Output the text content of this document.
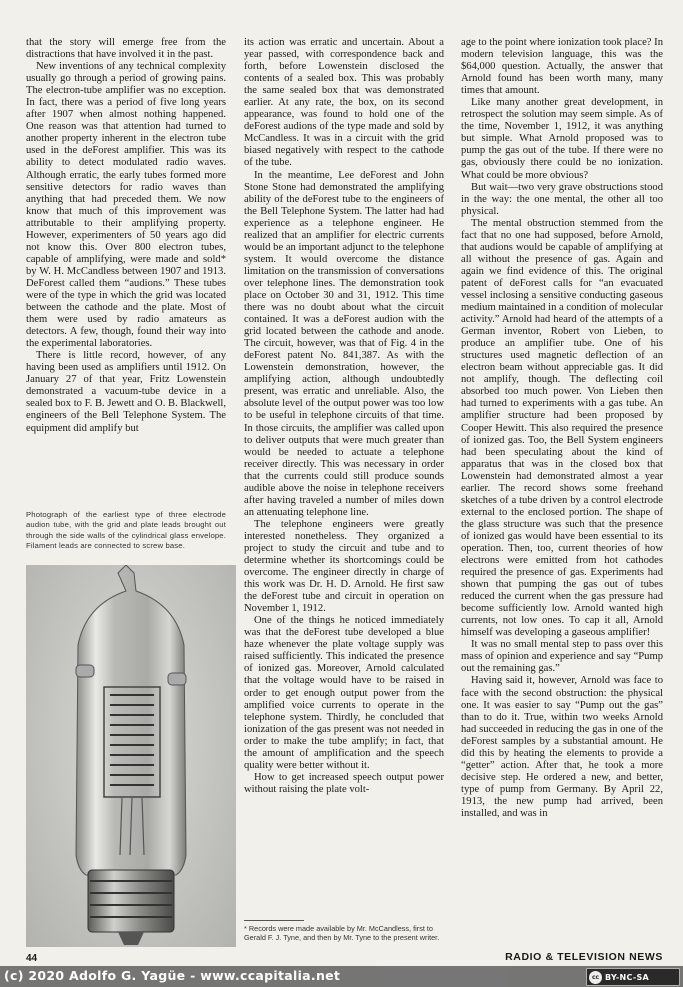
that the story will emerge free from the distractions that have involved it in the past.

New inventions of any technical complexity usually go through a period of growing pains. The electron-tube amplifier was no exception. In fact, there was a period of five long years after 1907 when almost nothing happened. One reason was that attention had turned to another property inherent in the electron tube used in the deForest amplifier. This was its ability to detect modulated radio waves. Although erratic, the early tubes formed more sensitive detectors for radio waves than anything that had preceded them. We now know that much of this improvement was attributable to their amplifying property. However, experimenters of 50 years ago did not know this. Over 800 electron tubes, capable of amplifying, were made and sold* by W. H. McCandless between 1907 and 1913. DeForest called them “audions.” These tubes were of the type in which the grid was located between the cathode and the plate. Most of them were used by radio amateurs as detectors. A few, though, found their way into the experimental laboratories.

There is little record, however, of any having been used as amplifiers until 1912. On January 27 of that year, Fritz Lowenstein demonstrated a vacuum-tube device in a sealed box to F. B. Jewett and O. B. Blackwell, engineers of the Bell Telephone System. The equipment did amplify but

Photograph of the earliest type of three electrode audion tube, with the grid and plate leads brought out through the side walls of the cylindrical glass envelope. Filament leads are connected to screw base.

its action was erratic and uncertain. About a year passed, with correspondence back and forth, before Lowenstein disclosed the contents of a sealed box. This was probably the same sealed box that was demonstrated earlier. At any rate, the box, on its second appearance, was found to hold one of the deForest audions of the type made and sold by McCandless. It was in a circuit with the grid biased negatively with respect to the cathode of the tube.

In the meantime, Lee deForest and John Stone Stone had demonstrated the amplifying ability of the deForest tube to the engineers of the Bell Telephone System. The latter had had experience as a telephone engineer. He realized that an amplifier for electric currents would be an important adjunct to the telephone system. It would overcome the distance limitation on the transmission of conversations over telephone lines. The demonstration took place on October 30 and 31, 1912. This time there was no doubt about what the circuit contained. It was a deForest audion with the grid located between the cathode and anode. The circuit, however, was that of Fig. 4 in the deForest patent No. 841,387. As with the Lowenstein demonstration, however, the amplifying action, although undoubtedly present, was erratic and unreliable. Also, the absolute level of the output power was too low to be useful in telephone circuits of that time. In those circuits, the amplifier was called upon to deliver outputs that were much greater than would be needed to actuate a telephone receiver directly. This was necessary in order that the currents could still produce sounds audible above the noise in telephone receivers after having traveled a number of miles down an attenuating telephone line.

The telephone engineers were greatly interested nonetheless. They organized a project to study the circuit and tube and to determine whether its shortcomings could be overcome. The engineer directly in charge of this work was Dr. H. D. Arnold. He first saw the deForest tube and circuit in operation on November 1, 1912.

One of the things he noticed immediately was that the deForest tube developed a blue haze whenever the plate voltage supply was raised sufficiently. This indicated the presence of ionized gas. Moreover, Arnold calculated that the voltage would have to be raised in order to get enough output power from the amplified voice currents to operate in the telephone system. Thirdly, he concluded that ionization of the gas present was not needed in order to make the tube amplify; in fact, that the amount of amplification and the speech quality were better without it.

How to get increased speech output power without raising the plate volt-

* Records were made available by Mr. McCandless, first to Gerald F. J. Tyne, and then by Mr. Tyne to the present writer.

age to the point where ionization took place? In modern television language, this was the $64,000 question. Actually, the answer that Arnold found has been worth many, many times that amount.

Like many another great development, in retrospect the solution may seem simple. As of the time, November 1, 1912, it was anything but simple. What Arnold proposed was to pump the gas out of the tube. If there were no gas, obviously there could be no ionization. What could be more obvious?

But wait—two very grave obstructions stood in the way: the one mental, the other all too physical.

The mental obstruction stemmed from the fact that no one had supposed, before Arnold, that audions would be capable of amplifying at all without the presence of gas. Again and again we find evidence of this. The original patent of deForest calls for “an evacuated vessel inclosing a sensitive conducting gaseous medium maintained in a condition of molecular activity.” Arnold had heard of the attempts of a German inventor, Robert von Lieben, to produce an amplifier tube. One of his structures used magnetic deflection of an electron beam without appreciable gas. It did not amplify, though. The deflecting coil absorbed too much power. Von Lieben then had turned to experiments with a gas tube. An amplifier structure had been proposed by Cooper Hewitt. This also required the presence of ionized gas. Too, the Bell System engineers had been speculating about the kind of apparatus that was in the closed box that Lowenstein had demonstrated almost a year earlier. The record shows some freehand sketches of a tube driven by a control electrode external to the enclosed portion. The shape of the glass structure was such that the presence of ionized gas would have been essential to its operation. Then, too, current theories of how electrons were emitted from hot cathodes required the presence of gas. Experiments had shown that pumping the gas out of tubes reduced the current when the gas pressure had become sufficiently low. Arnold wanted high currents, not low ones. To cap it all, Arnold himself was developing a gaseous amplifier!

It was no small mental step to pass over this mass of opinion and experience and say “Pump out the remaining gas.”

Having said it, however, Arnold was face to face with the second obstruction: the physical one. It was easier to say “Pump out the gas” than to do it. True, within two weeks Arnold had succeeded in reducing the gas in one of the deForest samples by a substantial amount. He did this by heating the elements to provide a “getter” action. After that, he took a more decisive step. He ordered a new, and better, type of pump from Germany. By April 22, 1913, the new pump had arrived, been installed, and was in

44	RADIO & TELEVISION NEWS
(c) 2020 Adolfo G. Yagüe - www.ccapitalia.net	cc BY-NC-SA
